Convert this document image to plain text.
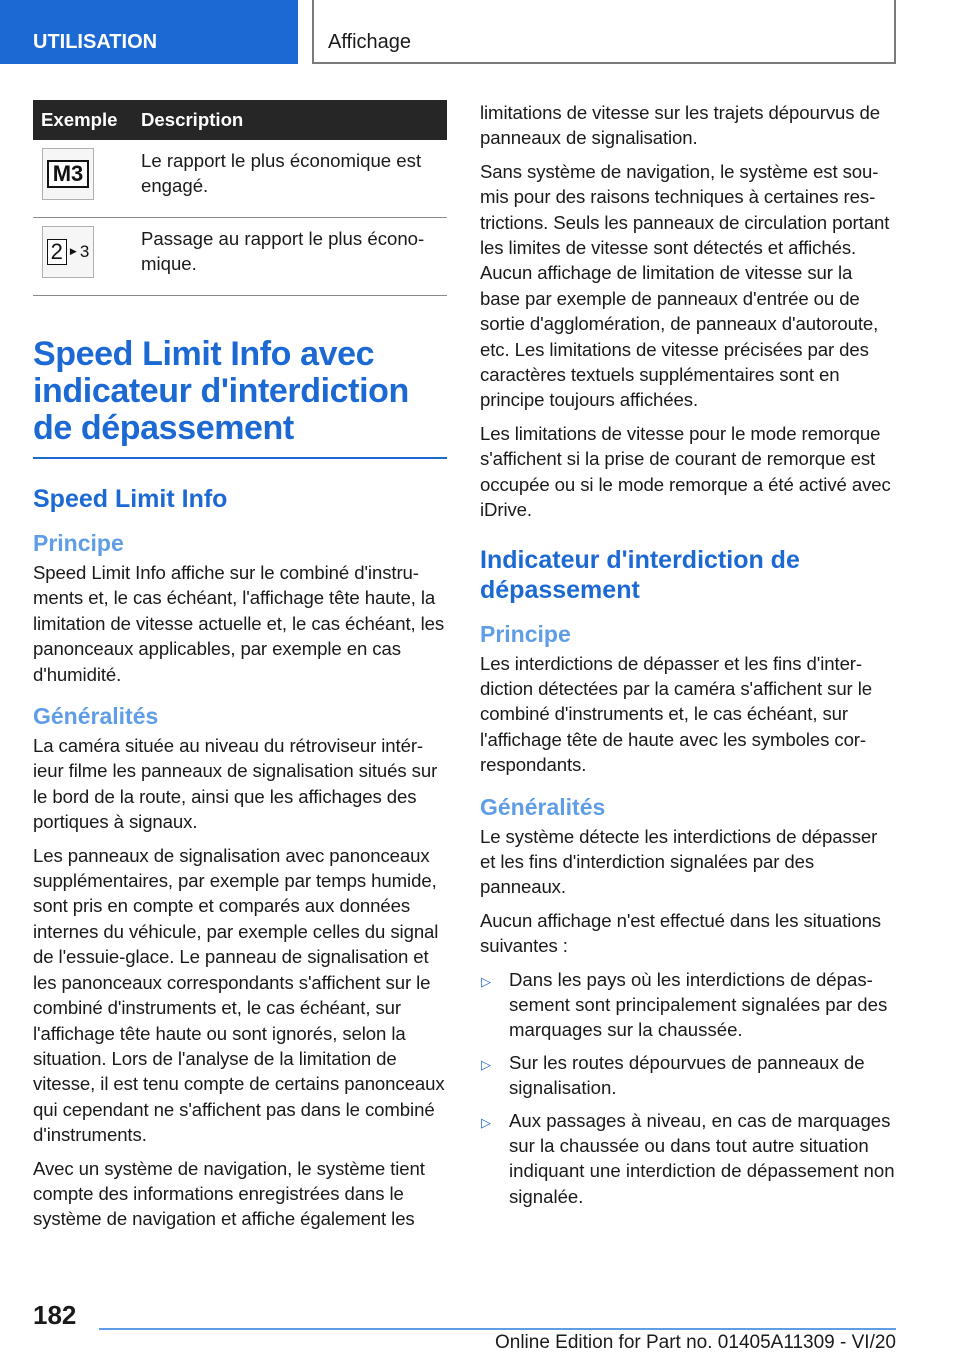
UTILISATION	Affichage
Exemple	Description

M3	Le rapport le plus économique est engagé.

2 ▶ 3	Passage au rapport le plus économique.
Speed Limit Info avec indicateur d'interdiction de dépassement
Speed Limit Info
Principe

Speed Limit Info affiche sur le combiné d'instruments et, le cas échéant, l'affichage tête haute, la limitation de vitesse actuelle et, le cas échéant, les panonceaux applicables, par exemple en cas d'humidité.

Généralités

La caméra située au niveau du rétroviseur intérieur filme les panneaux de signalisation situés sur le bord de la route, ainsi que les affichages des portiques à signaux.

Les panneaux de signalisation avec panonceaux supplémentaires, par exemple par temps humide, sont pris en compte et comparés aux données internes du véhicule, par exemple celles du signal de l'essuie-glace. Le panneau de signalisation et les panonceaux correspondants s'affichent sur le combiné d'instruments et, le cas échéant, sur l'affichage tête haute ou sont ignorés, selon la situation. Lors de l'analyse de la limitation de vitesse, il est tenu compte de certains panonceaux qui cependant ne s'affichent pas dans le combiné d'instruments.

Avec un système de navigation, le système tient compte des informations enregistrées dans le système de navigation et affiche également les

limitations de vitesse sur les trajets dépourvus de panneaux de signalisation.

Sans système de navigation, le système est soumis pour des raisons techniques à certaines restrictions. Seuls les panneaux de circulation portant les limites de vitesse sont détectés et affichés. Aucun affichage de limitation de vitesse sur la base par exemple de panneaux d'entrée ou de sortie d'agglomération, de panneaux d'autoroute, etc. Les limitations de vitesse précisées par des caractères textuels supplémentaires sont en principe toujours affichées.

Les limitations de vitesse pour le mode remorque s'affichent si la prise de courant de remorque est occupée ou si le mode remorque a été activé avec iDrive.

Indicateur d'interdiction de dépassement
Principe

Les interdictions de dépasser et les fins d'interdiction détectées par la caméra s'affichent sur le combiné d'instruments et, le cas échéant, sur l'affichage tête de haute avec les symboles correspondants.

Généralités

Le système détecte les interdictions de dépasser et les fins d'interdiction signalées par des panneaux.

Aucun affichage n'est effectué dans les situations suivantes :

▷ Dans les pays où les interdictions de dépassement sont principalement signalées par des marquages sur la chaussée.
▷ Sur les routes dépourvues de panneaux de signalisation.
▷ Aux passages à niveau, en cas de marquages sur la chaussée ou dans tout autre situation indiquant une interdiction de dépassement non signalée.
182
Online Edition for Part no. 01405A11309 - VI/20
